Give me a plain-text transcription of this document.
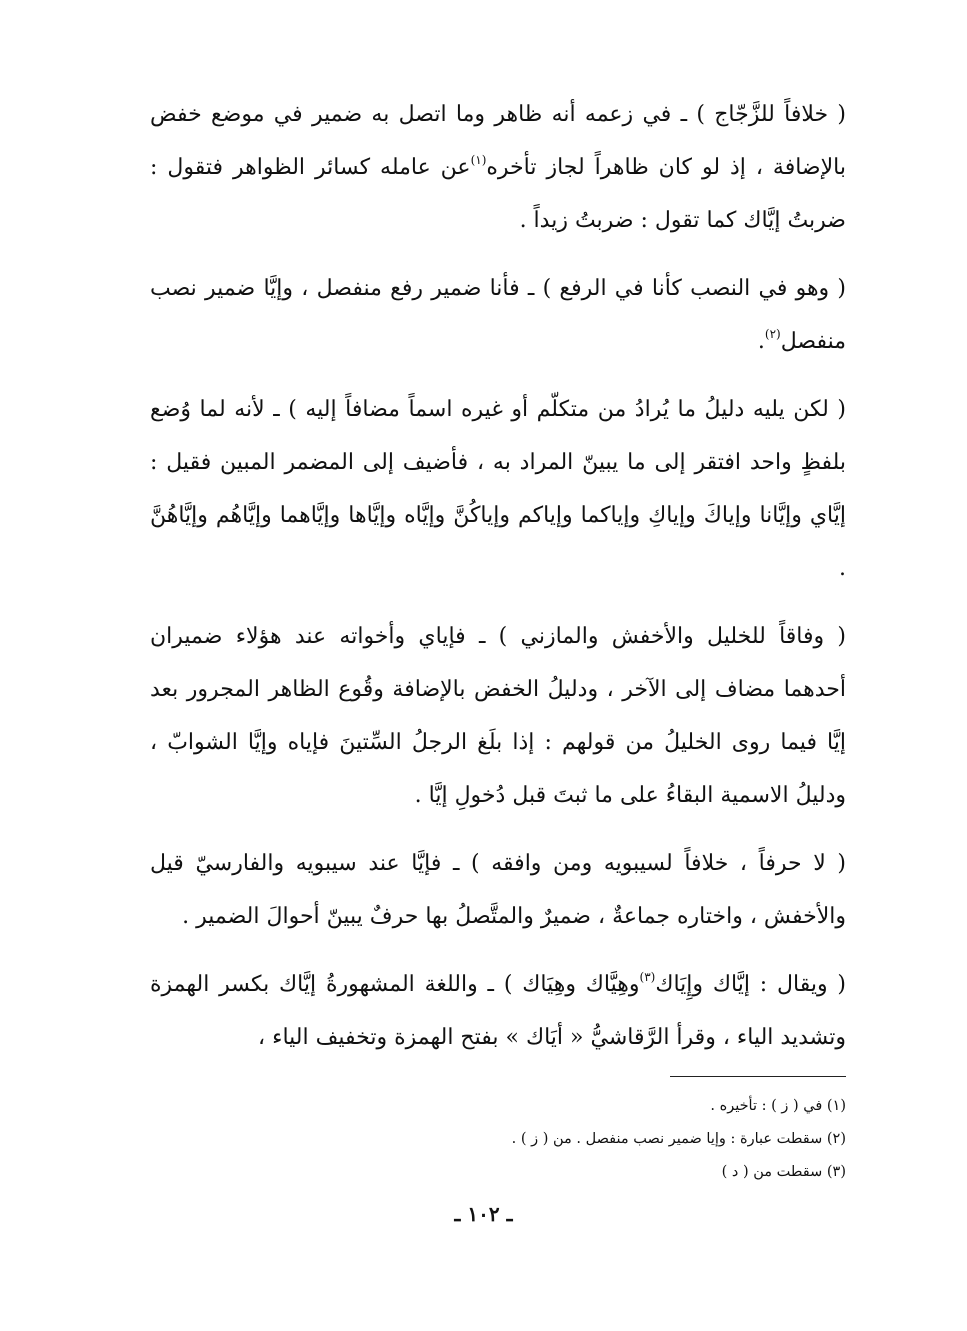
( خلافاً للزَّجّاج ) ـ في زعمه أنه ظاهر وما اتصل به ضمير في موضع خفض بالإضافة ، إذ لو كان ظاهراً لجاز تأخره$^{(١)}$عن عامله كسائر الظواهر فتقول : ضربتُ إيَّاك كما تقول : ضربتُ زيداً .

( وهو في النصب كأنا في الرفع ) ـ فأنا ضمير رفع منفصل ، وإيَّا ضمير نصب منفصل$^{(٢)}$.

( لكن يليه دليلُ ما يُرادُ من متكلّم أو غيره اسماً مضافاً إليه ) ـ لأنه لما وُضع بلفظٍ واحد افتقر إلى ما يبينّ المراد به ، فأضيف إلى المضمر المبين فقيل : إيَّاي وإيَّانا وإياكَ وإياكِ وإياكما وإياكم وإياكُنَّ وإيَّاه وإيَّاها وإيَّاهما وإيَّاهُم وإيَّاهُنَّ .

( وفاقاً للخليل والأخفش والمازني ) ـ فإياي وأخواته عند هؤلاء ضميران أحدهما مضاف إلى الآخر ، ودليلُ الخفض بالإضافة وقُوع الظاهر المجرور بعد إيَّا فيما روى الخليلُ من قولهم : إذا بلَغ الرجلُ السِّتينَ فإياه وإيَّا الشوابّ ، ودليلُ الاسمية البقاءُ على ما ثبتَ قبل دُخولِ إيَّا .

( لا حرفاً ، خلافاً لسيبويه ومن وافقه ) ـ فإيَّا عند سيبويه والفارسيّ قيل والأخفش ، واختاره جماعةٌ ، ضميرٌ والمتَّصلُ بها حرفٌ يبينّ أحوالَ الضمير .

( ويقال : إيَّاك وإِيَاك$^{(٣)}$وهِيَّاك وهِيَاك ) ـ واللغة المشهورةُ إيَّاك بكسر الهمزة وتشديد الياء ، وقرأ الرَّقاشيُّ « أيَاك » بفتح الهمزة وتخفيف الياء ،

(١) في ( ز ) : تأخيره .
(٢) سقطت عبارة : وإيا ضمير نصب منفصل . من ( ز ) .
(٣) سقطت من ( د )
ـ ١٠٢ ـ
